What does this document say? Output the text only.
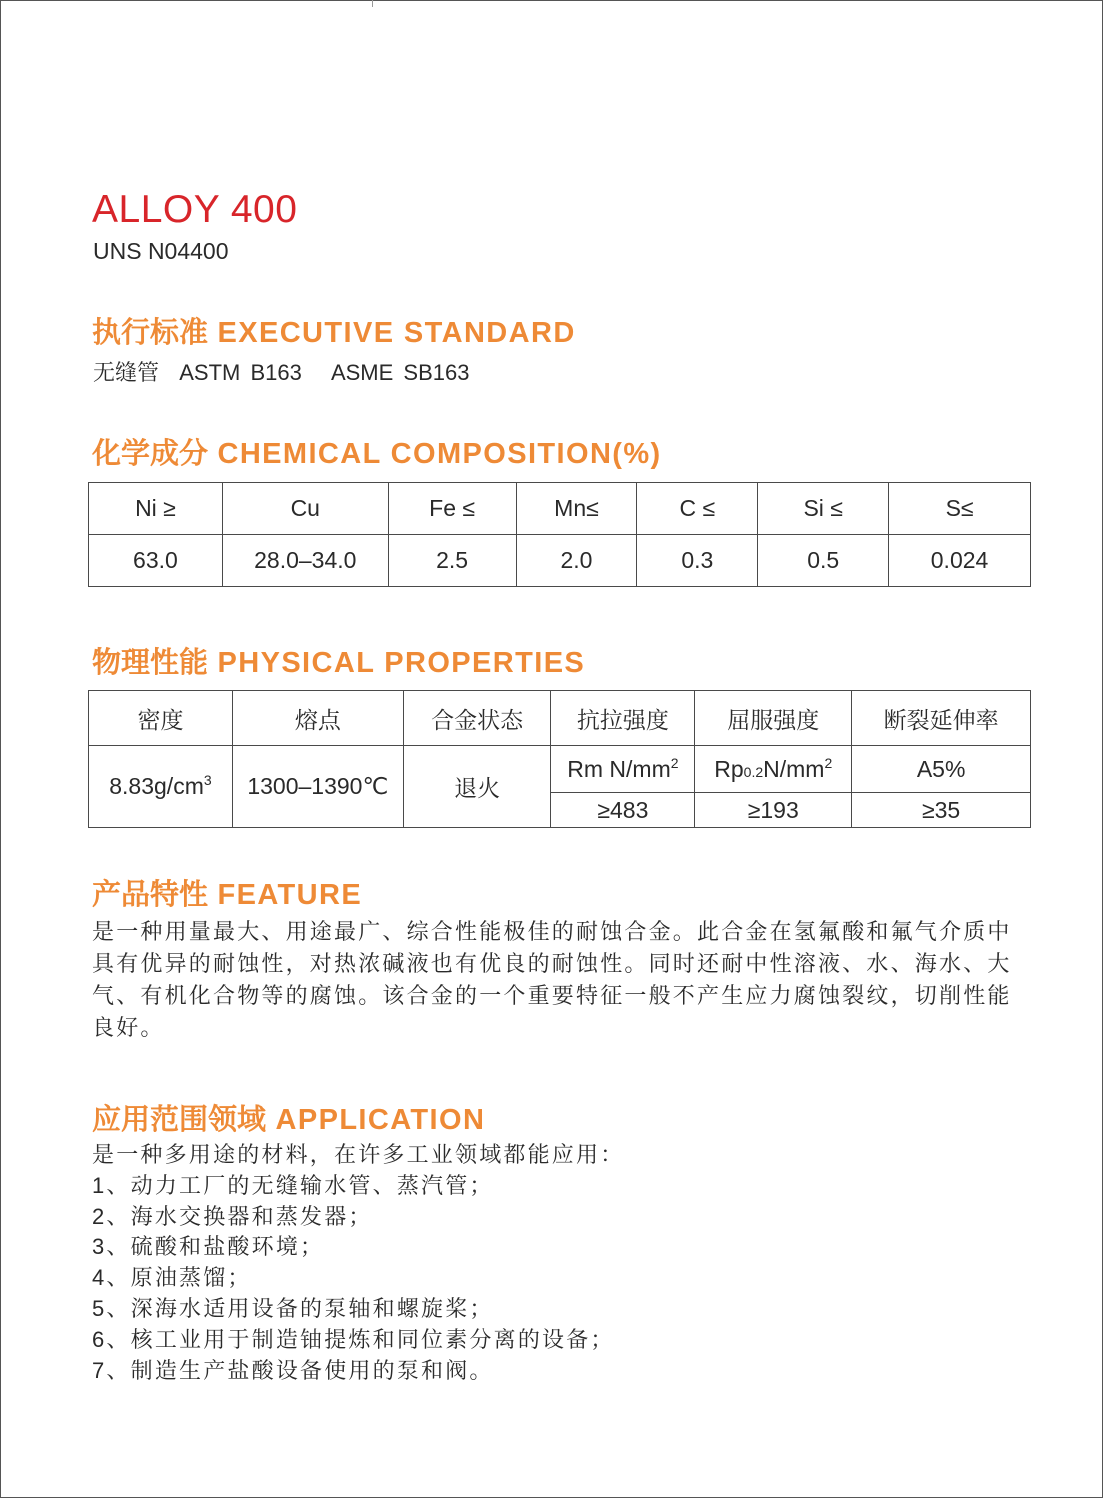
ALLOY 400
UNS N04400
执行标准 EXECUTIVE STANDARD
无缝管  ASTM B163   ASME SB163
化学成分 CHEMICAL COMPOSITION(%)
Ni ≥	Cu	Fe ≤	Mn≤	C ≤	Si ≤	S≤
63.0	28.0–34.0	2.5	2.0	0.3	0.5	0.024
物理性能 PHYSICAL PROPERTIES
密度	熔点	合金状态	抗拉强度	屈服强度	断裂延伸率
$8.83g/cm^3$	1300–1390℃	退火	Rm $N/mm^2$	$Rp0.2N/mm^2$	A5%
			≥483	≥193	≥35
产品特性 FEATURE

是一种用量最大、用途最广、综合性能极佳的耐蚀合金。此合金在氢氟酸和氟气介质中具有优异的耐蚀性，对热浓碱液也有优良的耐蚀性。同时还耐中性溶液、水、海水、大气、有机化合物等的腐蚀。该合金的一个重要特征一般不产生应力腐蚀裂纹，切削性能良好。

应用范围领域 APPLICATION
是一种多用途的材料，在许多工业领域都能应用：
1、动力工厂的无缝输水管、蒸汽管；
2、海水交换器和蒸发器；
3、硫酸和盐酸环境；
4、原油蒸馏；
5、深海水适用设备的泵轴和螺旋桨；
6、核工业用于制造铀提炼和同位素分离的设备；
7、制造生产盐酸设备使用的泵和阀。
